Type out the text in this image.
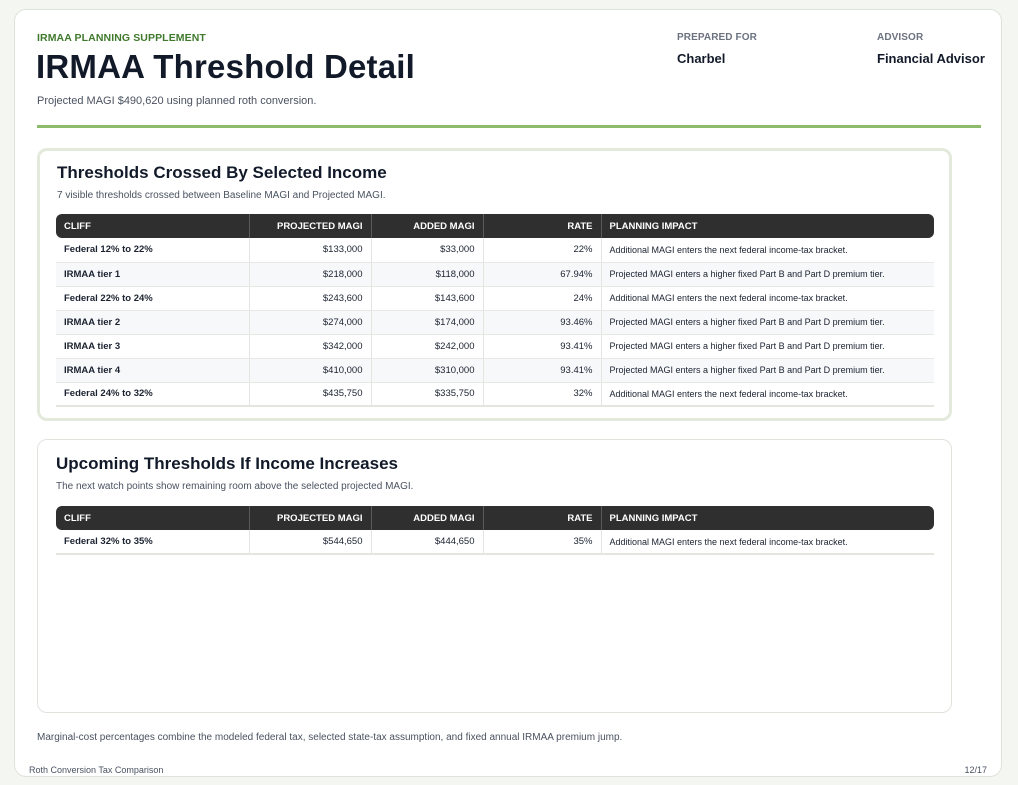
IRMAA PLANNING SUPPLEMENT
IRMAA Threshold Detail
Projected MAGI $490,620 using planned roth conversion.
PREPARED FOR
Charbel
ADVISOR
Financial Advisor
Thresholds Crossed By Selected Income
7 visible thresholds crossed between Baseline MAGI and Projected MAGI.
CLIFF	PROJECTED MAGI	ADDED MAGI	RATE	PLANNING IMPACT
Federal 12% to 22%	$133,000	$33,000	22%	Additional MAGI enters the next federal income-tax bracket.
IRMAA tier 1	$218,000	$118,000	67.94%	Projected MAGI enters a higher fixed Part B and Part D premium tier.
Federal 22% to 24%	$243,600	$143,600	24%	Additional MAGI enters the next federal income-tax bracket.
IRMAA tier 2	$274,000	$174,000	93.46%	Projected MAGI enters a higher fixed Part B and Part D premium tier.
IRMAA tier 3	$342,000	$242,000	93.41%	Projected MAGI enters a higher fixed Part B and Part D premium tier.
IRMAA tier 4	$410,000	$310,000	93.41%	Projected MAGI enters a higher fixed Part B and Part D premium tier.
Federal 24% to 32%	$435,750	$335,750	32%	Additional MAGI enters the next federal income-tax bracket.
Upcoming Thresholds If Income Increases
The next watch points show remaining room above the selected projected MAGI.
CLIFF	PROJECTED MAGI	ADDED MAGI	RATE	PLANNING IMPACT
Federal 32% to 35%	$544,650	$444,650	35%	Additional MAGI enters the next federal income-tax bracket.
Marginal-cost percentages combine the modeled federal tax, selected state-tax assumption, and fixed annual IRMAA premium jump.
Roth Conversion Tax Comparison	12/17
